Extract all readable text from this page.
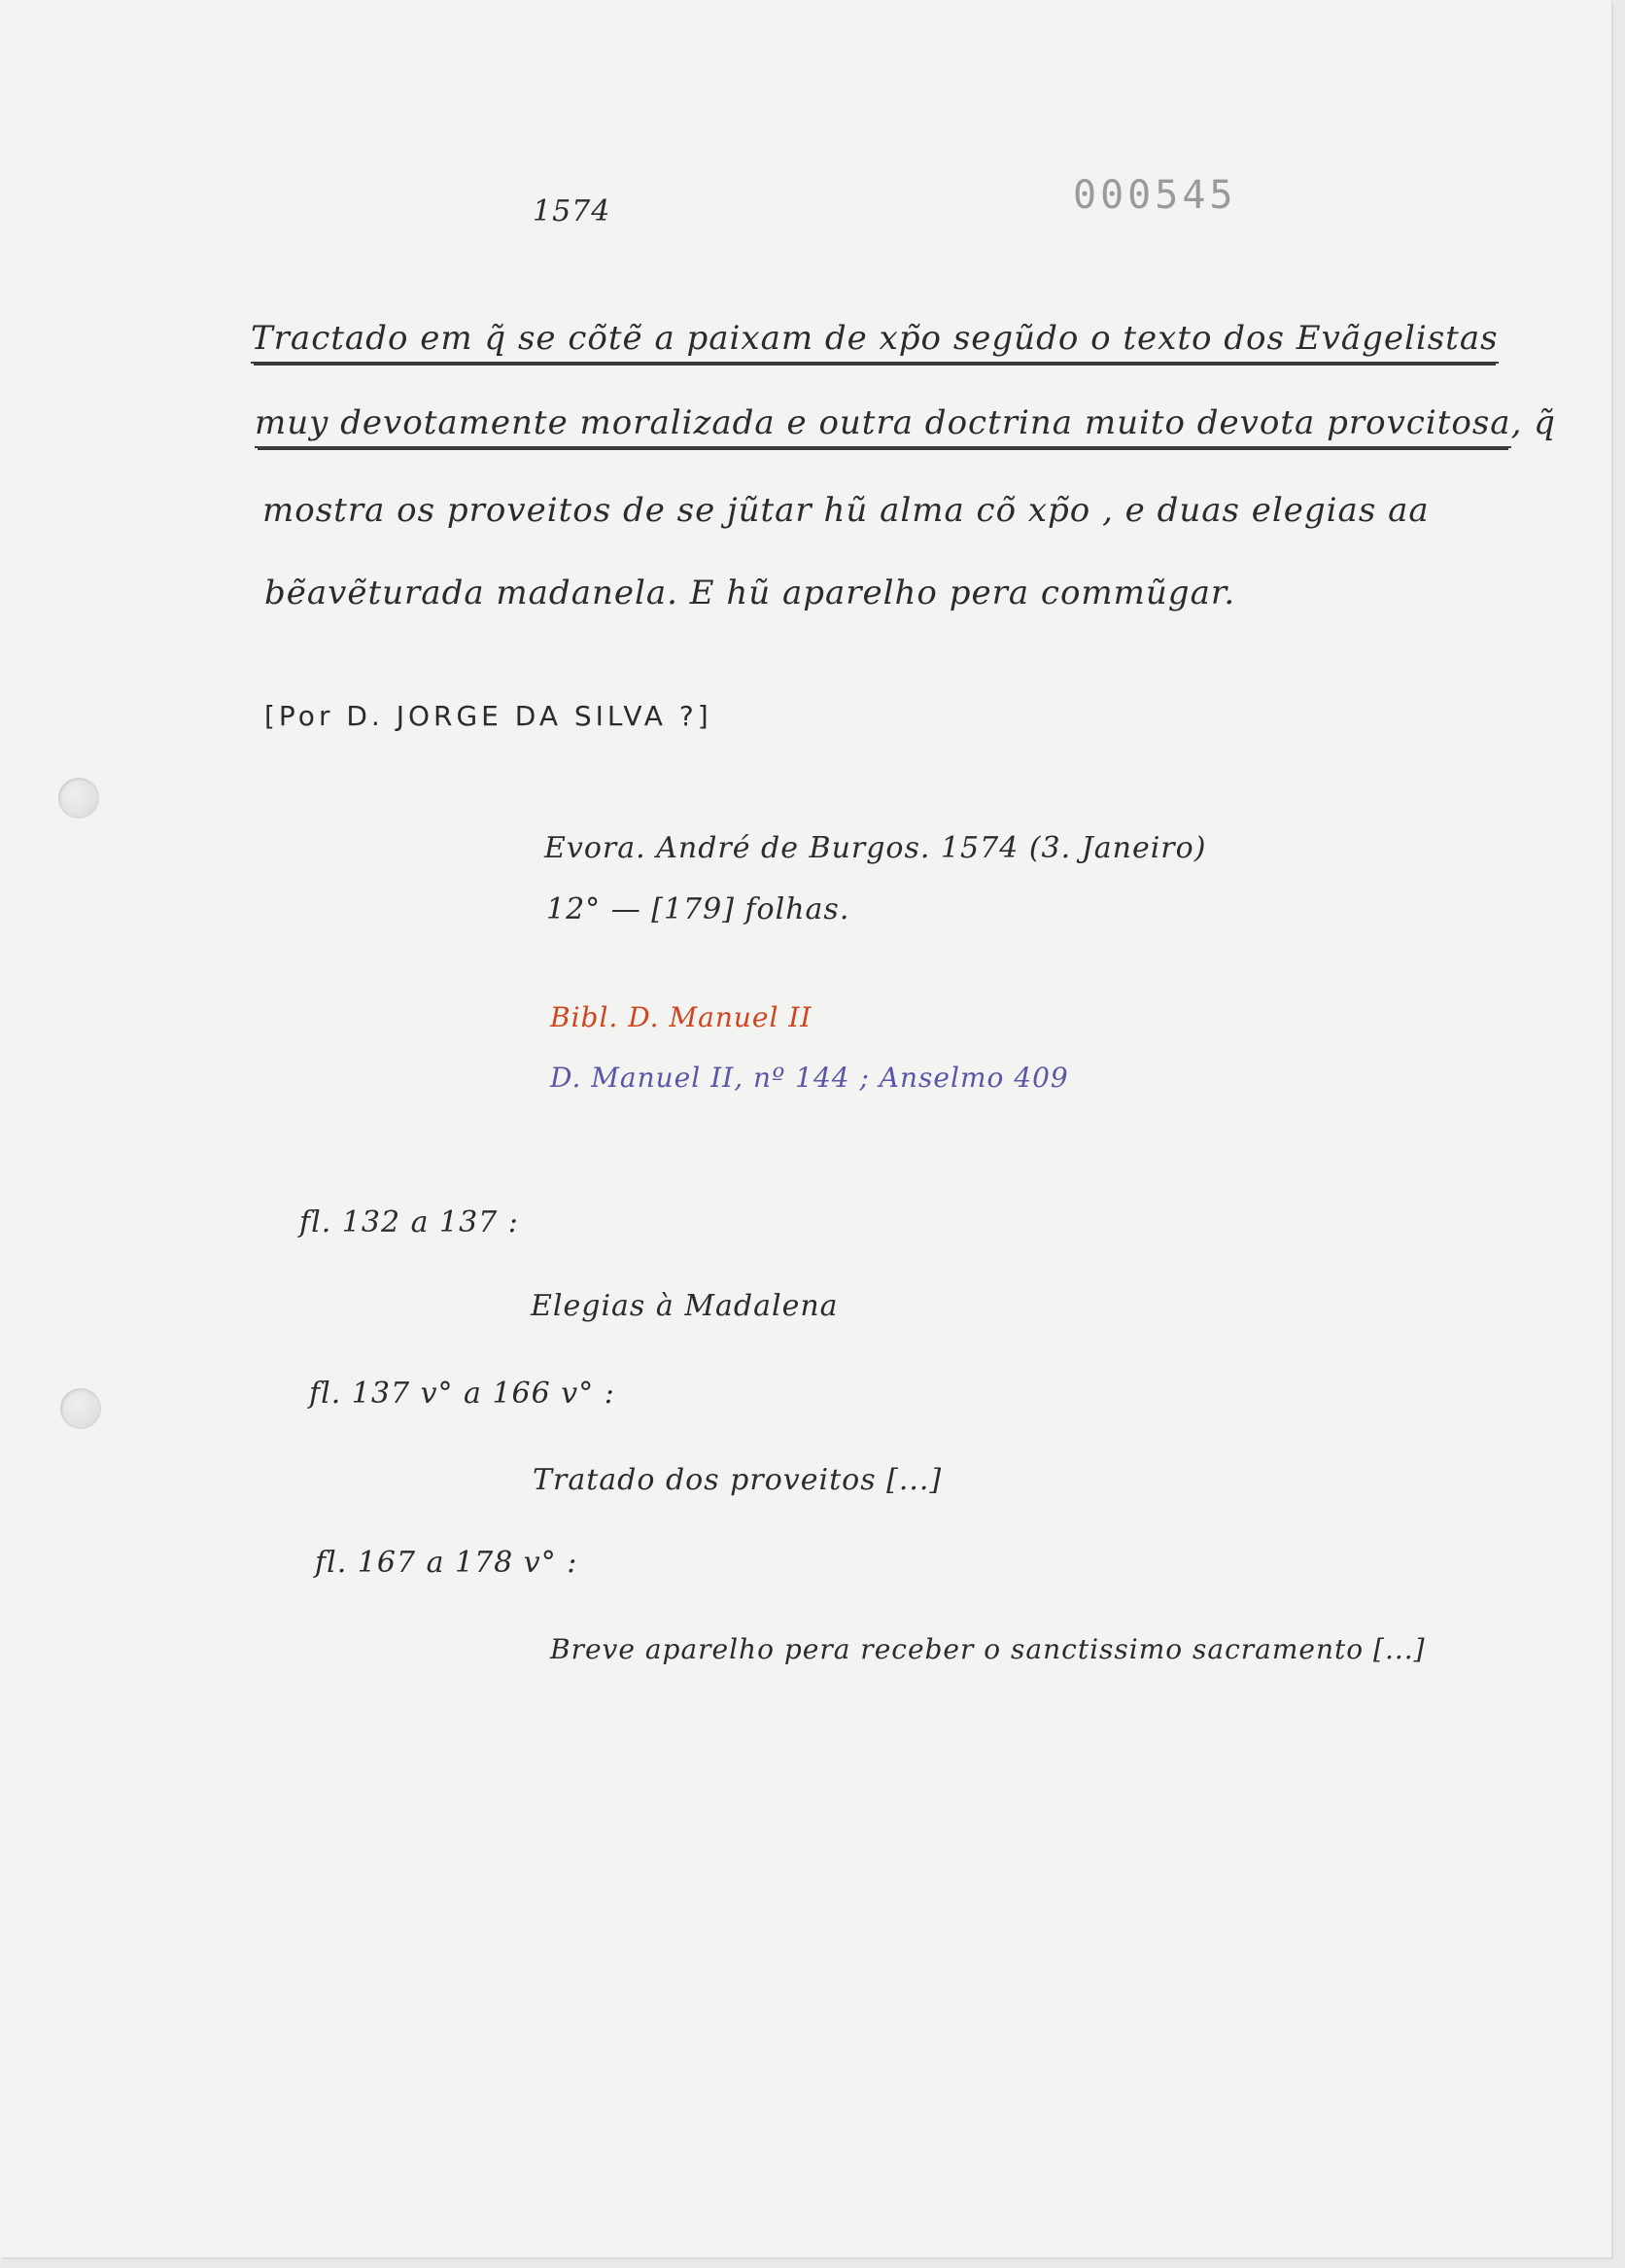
1574	000545
Tractado em q̃ se cõtẽ a paixam de xp̃o segũdo o texto dos Evãgelistas
muy devotamente moralizada e outra doctrina muito devota provcitosa, q̃
mostra os proveitos de se jũtar hũ alma cõ xp̃o , e duas elegias aa
bẽavẽturada madanela. E hũ aparelho pera commũgar.
[Por D. JORGE DA SILVA ?]
Evora. André de Burgos. 1574 (3. Janeiro)
12° — [179] folhas.
Bibl. D. Manuel II
D. Manuel II, nº 144 ; Anselmo 409
fl. 132 a 137 :
Elegias à Madalena
fl. 137 v° a 166 v° :
Tratado dos proveitos [...]
fl. 167 a 178 v° :
Breve aparelho pera receber o sanctissimo sacramento [...]
